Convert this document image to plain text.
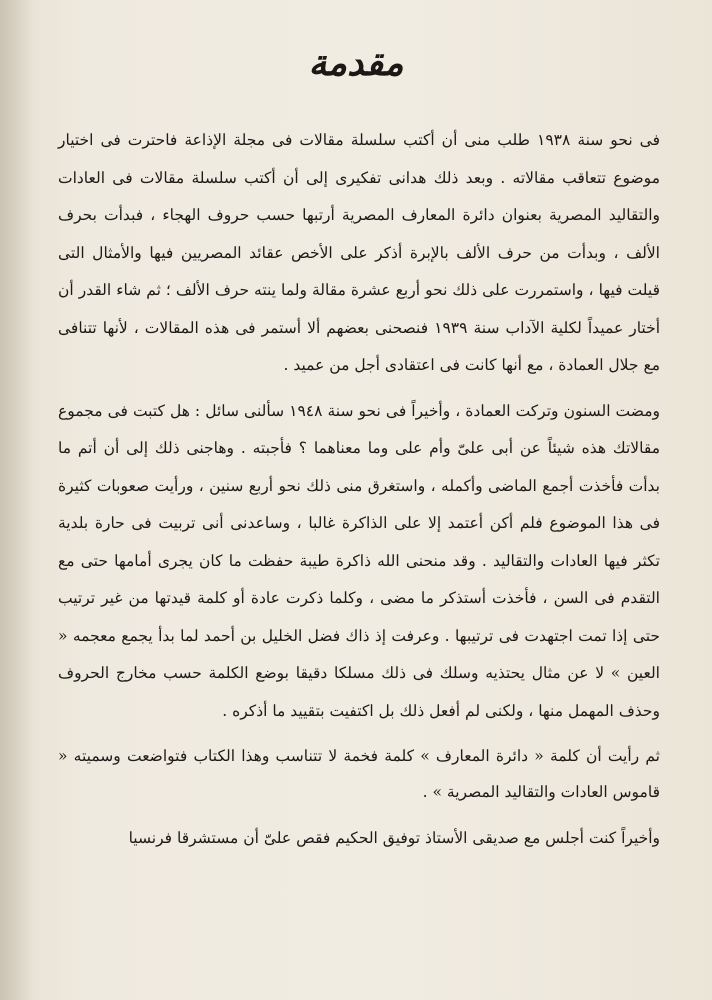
مقدمة

فى نحو سنة ١٩٣٨ طلب منى أن أكتب سلسلة مقالات فى مجلة الإذاعة فاحترت فى اختيار موضوع تتعاقب مقالاته . وبعد ذلك هدانى تفكيرى إلى أن أكتب سلسلة مقالات فى العادات والتقاليد المصرية بعنوان دائرة المعارف المصرية أرتبها حسب حروف الهجاء ، فبدأت بحرف الألف ، وبدأت من حرف الألف بالإبرة أذكر على الأخص عقائد المصريين فيها والأمثال التى قيلت فيها ، واستمررت على ذلك نحو أربع عشرة مقالة ولما ينته حرف الألف ؛ ثم شاء القدر أن أختار عميداً لكلية الآداب سنة ١٩٣٩ فنصحنى بعضهم ألا أستمر فى هذه المقالات ، لأنها تتنافى مع جلال العمادة ، مع أنها كانت فى اعتقادى أجل من عميد .

ومضت السنون وتركت العمادة ، وأخيراً فى نحو سنة ١٩٤٨ سألنى سائل : هل كتبت فى مجموع مقالاتك هذه شيئاً عن أبى علىّ وأم على وما معناهما ؟ فأجبته . وهاجنى ذلك إلى أن أتم ما بدأت فأخذت أجمع الماضى وأكمله ، واستغرق منى ذلك نحو أربع سنين ، ورأيت صعوبات كثيرة فى هذا الموضوع فلم أكن أعتمد إلا على الذاكرة غالبا ، وساعدنى أنى تربيت فى حارة بلدية تكثر فيها العادات والتقاليد . وقد منحنى الله ذاكرة طيبة حفظت ما كان يجرى أمامها حتى مع التقدم فى السن ، فأخذت أستذكر ما مضى ، وكلما ذكرت عادة أو كلمة قيدتها من غير ترتيب حتى إذا تمت اجتهدت فى ترتيبها . وعرفت إذ ذاك فضل الخليل بن أحمد لما بدأ يجمع معجمه « العين » لا عن مثال يحتذيه وسلك فى ذلك مسلكا دقيقا بوضع الكلمة حسب مخارج الحروف وحذف المهمل منها ، ولكنى لم أفعل ذلك بل اكتفيت بتقييد ما أذكره .

ثم رأيت أن كلمة « دائرة المعارف » كلمة فخمة لا تتناسب وهذا الكتاب فتواضعت وسميته « قاموس العادات والتقاليد المصرية » .

وأخيراً كنت أجلس مع صديقى الأستاذ توفيق الحكيم فقص علىّ أن مستشرقا فرنسيا
